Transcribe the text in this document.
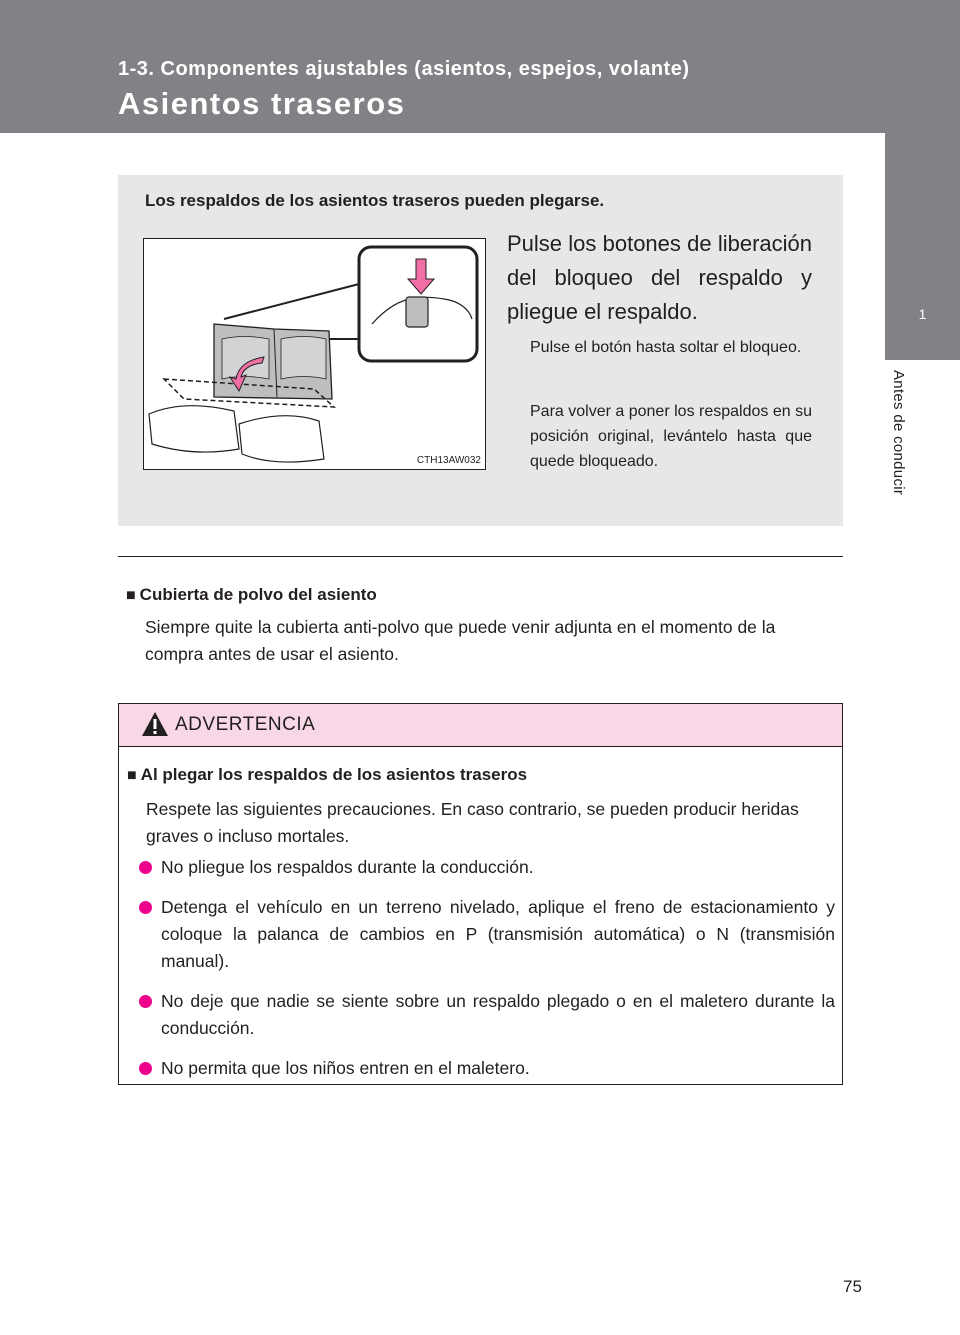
1-3. Componentes ajustables (asientos, espejos, volante)
Asientos traseros
1
Antes de conducir
Los respaldos de los asientos traseros pueden plegarse.
CTH13AW032
Pulse los botones de liberación del bloqueo del respaldo y pliegue el respaldo.
Pulse el botón hasta soltar el bloqueo.
Para volver a poner los respaldos en su posición original, levántelo hasta que quede bloqueado.
■ Cubierta de polvo del asiento
Siempre quite la cubierta anti-polvo que puede venir adjunta en el momento de la compra antes de usar el asiento.
ADVERTENCIA
■ Al plegar los respaldos de los asientos traseros
Respete las siguientes precauciones. En caso contrario, se pueden producir heridas graves o incluso mortales.
No pliegue los respaldos durante la conducción.
Detenga el vehículo en un terreno nivelado, aplique el freno de estacionamiento y coloque la palanca de cambios en P (transmisión automática) o N (transmisión manual).
No deje que nadie se siente sobre un respaldo plegado o en el maletero durante la conducción.
No permita que los niños entren en el maletero.
75
